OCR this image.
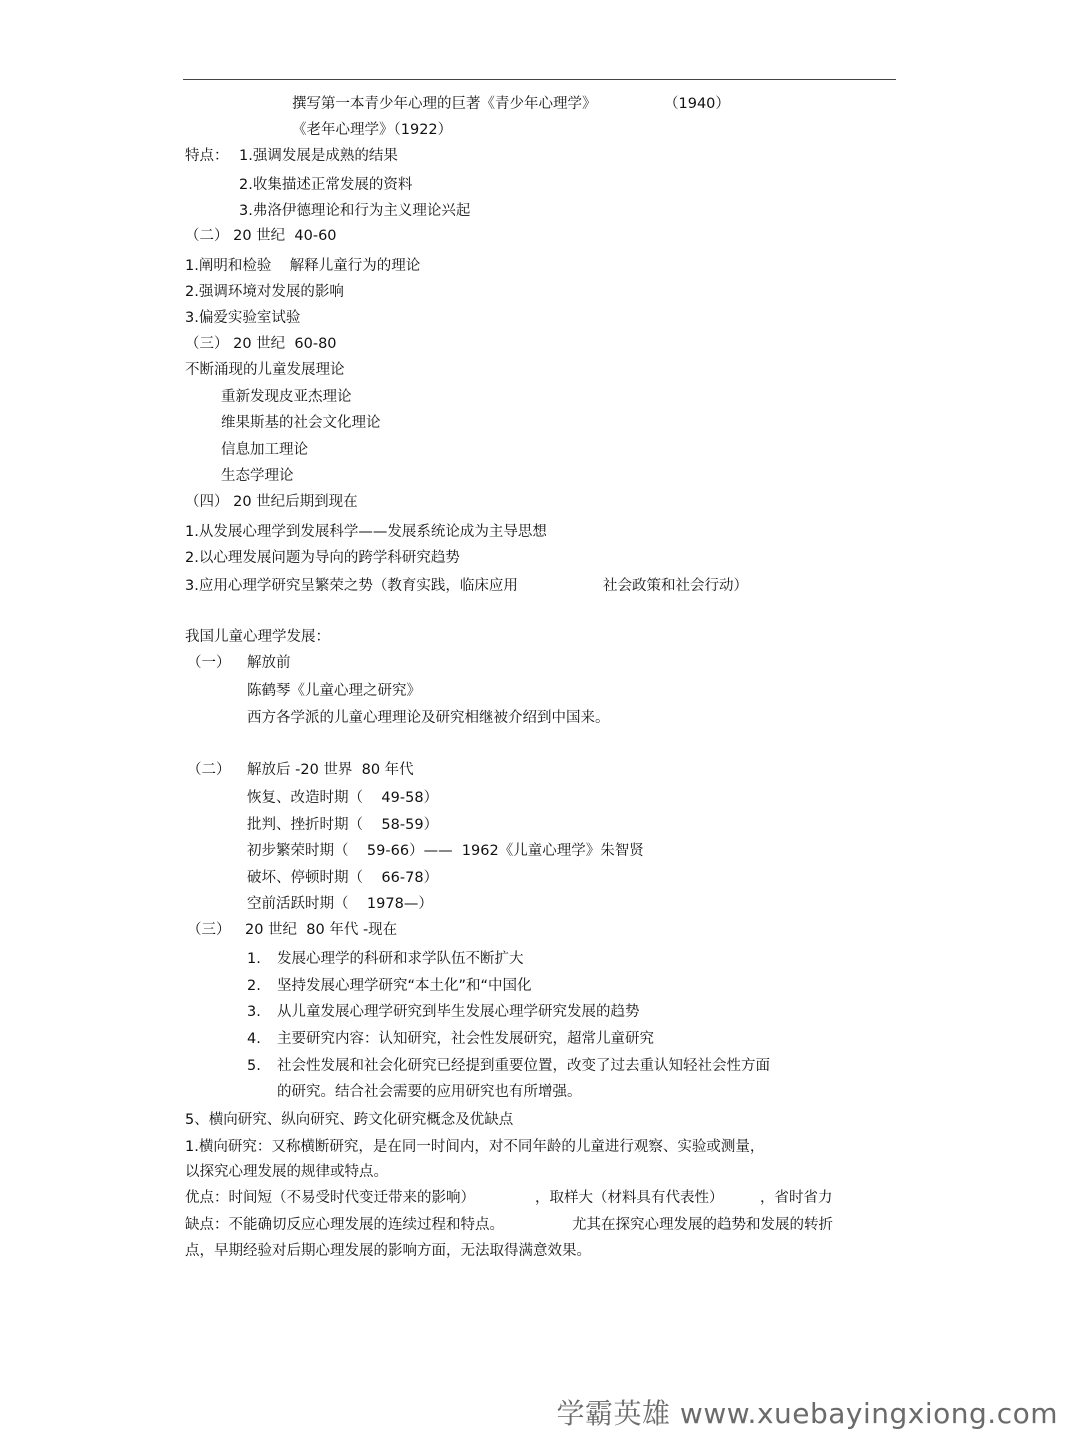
撰写第一本青少年心理的巨著《青少年心理学》	（1940）
《老年心理学》（1922）
特点： 1.强调发展是成熟的结果
2.收集描述正常发展的资料
3.弗洛伊德理论和行为主义理论兴起
（二） 20 世纪  40-60
1.阐明和检验    解释儿童行为的理论
2.强调环境对发展的影响
3.偏爱实验室试验
（三） 20 世纪  60-80
不断涌现的儿童发展理论
重新发现皮亚杰理论
维果斯基的社会文化理论
信息加工理论
生态学理论
（四） 20 世纪后期到现在
1.从发展心理学到发展科学——发展系统论成为主导思想
2.以心理发展问题为导向的跨学科研究趋势
3.应用心理学研究呈繁荣之势（教育实践，临床应用	社会政策和社会行动）
我国儿童心理学发展：
（一） 解放前
陈鹤琴《儿童心理之研究》
西方各学派的儿童心理理论及研究相继被介绍到中国来。
（二） 解放后 -20 世界  80 年代
恢复、改造时期（    49-58）
批判、挫折时期（    58-59）
初步繁荣时期（    59-66）——  1962《儿童心理学》朱智贤
破坏、停顿时期（    66-78）
空前活跃时期（    1978—）
（三） 20 世纪  80 年代 -现在
1. 发展心理学的科研和求学队伍不断扩大
2. 坚持发展心理学研究“本土化”和“中国化
3. 从儿童发展心理学研究到毕生发展心理学研究发展的趋势
4. 主要研究内容：认知研究，社会性发展研究，超常儿童研究
5. 社会性发展和社会化研究已经提到重要位置，改变了过去重认知轻社会性方面
的研究。结合社会需要的应用研究也有所增强。
5、横向研究、纵向研究、跨文化研究概念及优缺点
1.横向研究：又称横断研究，是在同一时间内，对不同年龄的儿童进行观察、实验或测量，
以探究心理发展的规律或特点。
优点：时间短（不易受时代变迁带来的影响）	，取样大（材料具有代表性）	，省时省力
缺点：不能确切反应心理发展的连续过程和特点。	尤其在探究心理发展的趋势和发展的转折
点，早期经验对后期心理发展的影响方面，无法取得满意效果。
学霸英雄 www.xuebayingxiong.com
